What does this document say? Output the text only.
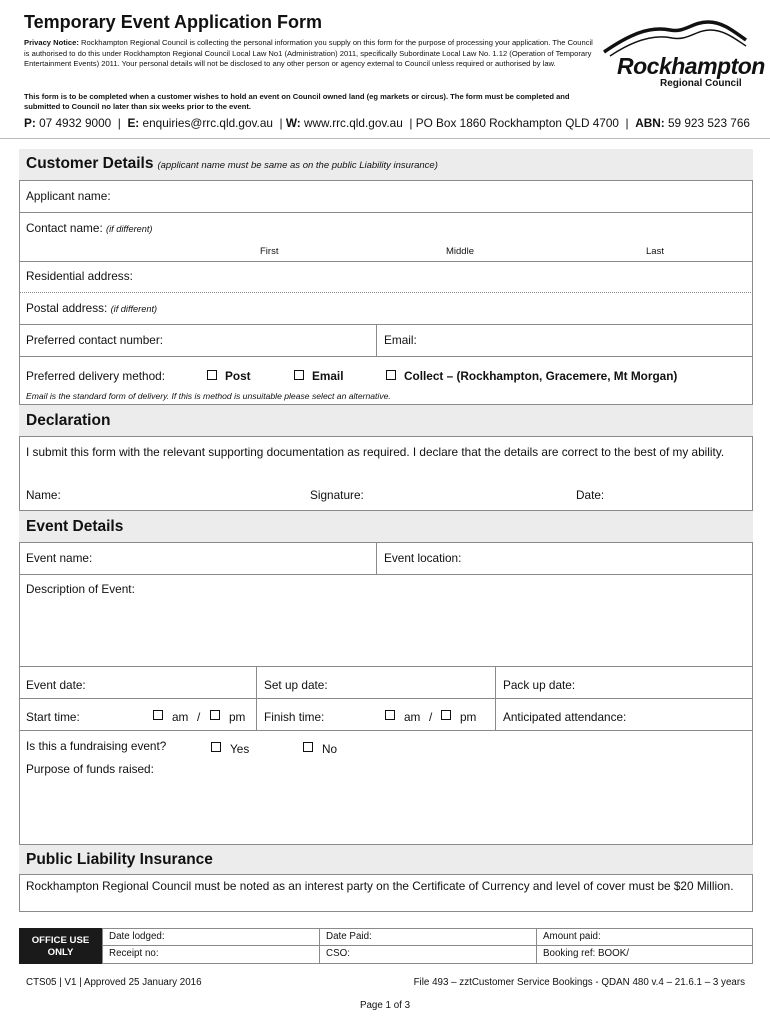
Temporary Event Application Form
Privacy Notice: Rockhampton Regional Council is collecting the personal information you supply on this form for the purpose of processing your application. The Council is authorised to do this under Rockhampton Regional Council Local Law No1 (Administration) 2011, specifically Subordinate Local Law No. 1.12 (Operation of Temporary Entertainment Events) 2011. Your personal details will not be disclosed to any other person or agency external to Council unless required or authorised by law.
This form is to be completed when a customer wishes to hold an event on Council owned land (eg markets or circus). The form must be completed and submitted to Council no later than six weeks prior to the event.
P: 07 4932 9000  |  E: enquiries@rrc.qld.gov.au  | W: www.rrc.qld.gov.au  | PO Box 1860 Rockhampton QLD 4700  |  ABN: 59 923 523 766
Rockhampton
Regional Council
Customer Details (applicant name must be same as on the public Liability insurance)
Applicant name:
Contact name: (if different)
First	Middle	Last
Residential address:
Postal address: (if different)
Preferred contact number:	Email:
Preferred delivery method:	Post	Email	Collect – (Rockhampton, Gracemere, Mt Morgan)
Email is the standard form of delivery. If this is method is unsuitable please select an alternative.
Declaration
I submit this form with the relevant supporting documentation as required. I declare that the details are correct to the best of my ability.
Name:	Signature:	Date:
Event Details
Event name:	Event location:
Description of Event:
Event date:	Set up date:	Pack up date:
Start time:	am / pm Finish time:	am / pm Anticipated attendance:
Is this a fundraising event?	Yes	No
Purpose of funds raised:
Public Liability Insurance
Rockhampton Regional Council must be noted as an interest party on the Certificate of Currency and level of cover must be $20 Million.
OFFICE USE ONLY
Date lodged:	Date Paid:	Amount paid:
Receipt no:	CSO:	Booking ref: BOOK/
CTS05 | V1 | Approved 25 January 2016	File 493 – zztCustomer Service Bookings - QDAN 480 v.4 – 21.6.1 – 3 years
Page 1 of 3
